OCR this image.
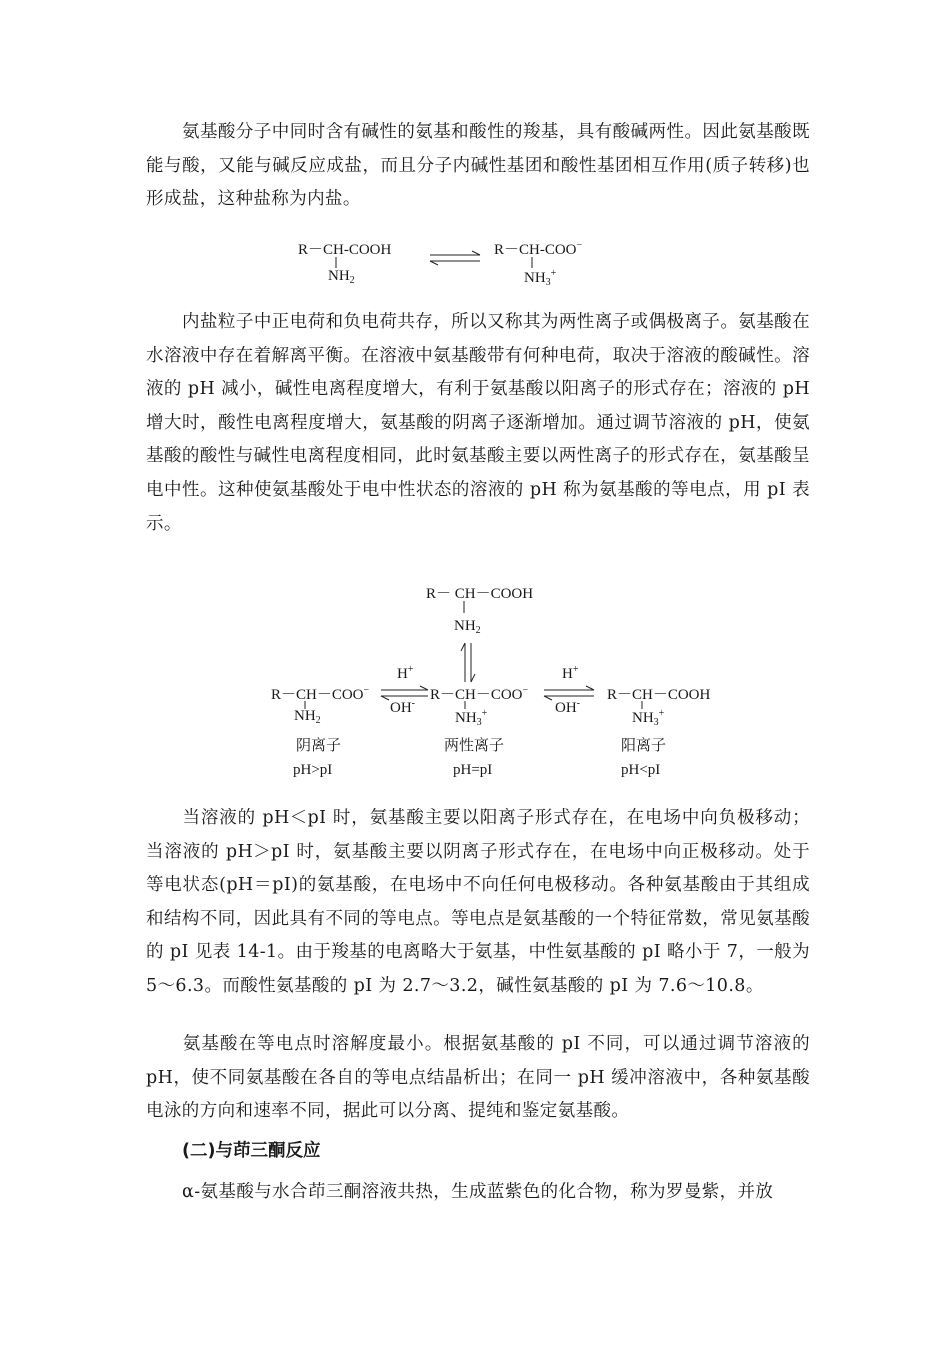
氨基酸分子中同时含有碱性的氨基和酸性的羧基，具有酸碱两性。因此氨基酸既能与酸，又能与碱反应成盐，而且分子内碱性基团和酸性基团相互作用(质子转移)也形成盐，这种盐称为内盐。

R－CH-COOH
$NH_2$
R－CH-COO−
$NH_3^+$

内盐粒子中正电荷和负电荷共存，所以又称其为两性离子或偶极离子。氨基酸在水溶液中存在着解离平衡。在溶液中氨基酸带有何种电荷，取决于溶液的酸碱性。溶液的 pH 减小，碱性电离程度增大，有利于氨基酸以阳离子的形式存在；溶液的 pH 增大时，酸性电离程度增大，氨基酸的阴离子逐渐增加。通过调节溶液的 pH，使氨基酸的酸性与碱性电离程度相同，此时氨基酸主要以两性离子的形式存在，氨基酸呈电中性。这种使氨基酸处于电中性状态的溶液的 pH 称为氨基酸的等电点，用 pI 表示。

R－ CH－COOH
$NH_2$
R－CH－COO−
$NH_2$
R－CH－COO−
$NH_3^+$
R－CH－COOH
$NH_3^+$
H+
OH-
H+
OH-
阴离子	两性离子	阳离子
pH>pI	pH=pI	pH<pI

当溶液的 pH＜pI 时，氨基酸主要以阳离子形式存在，在电场中向负极移动；当溶液的 pH＞pI 时，氨基酸主要以阴离子形式存在，在电场中向正极移动。处于等电状态(pH＝pI)的氨基酸，在电场中不向任何电极移动。各种氨基酸由于其组成和结构不同，因此具有不同的等电点。等电点是氨基酸的一个特征常数，常见氨基酸的 pI 见表 14-1。由于羧基的电离略大于氨基，中性氨基酸的 pI 略小于 7，一般为 5～6.3。而酸性氨基酸的 pI 为 2.7～3.2，碱性氨基酸的 pI 为 7.6～10.8。

氨基酸在等电点时溶解度最小。根据氨基酸的 pI 不同，可以通过调节溶液的 pH，使不同氨基酸在各自的等电点结晶析出；在同一 pH 缓冲溶液中，各种氨基酸电泳的方向和速率不同，据此可以分离、提纯和鉴定氨基酸。

(二)与茚三酮反应

α-氨基酸与水合茚三酮溶液共热，生成蓝紫色的化合物，称为罗曼紫，并放
